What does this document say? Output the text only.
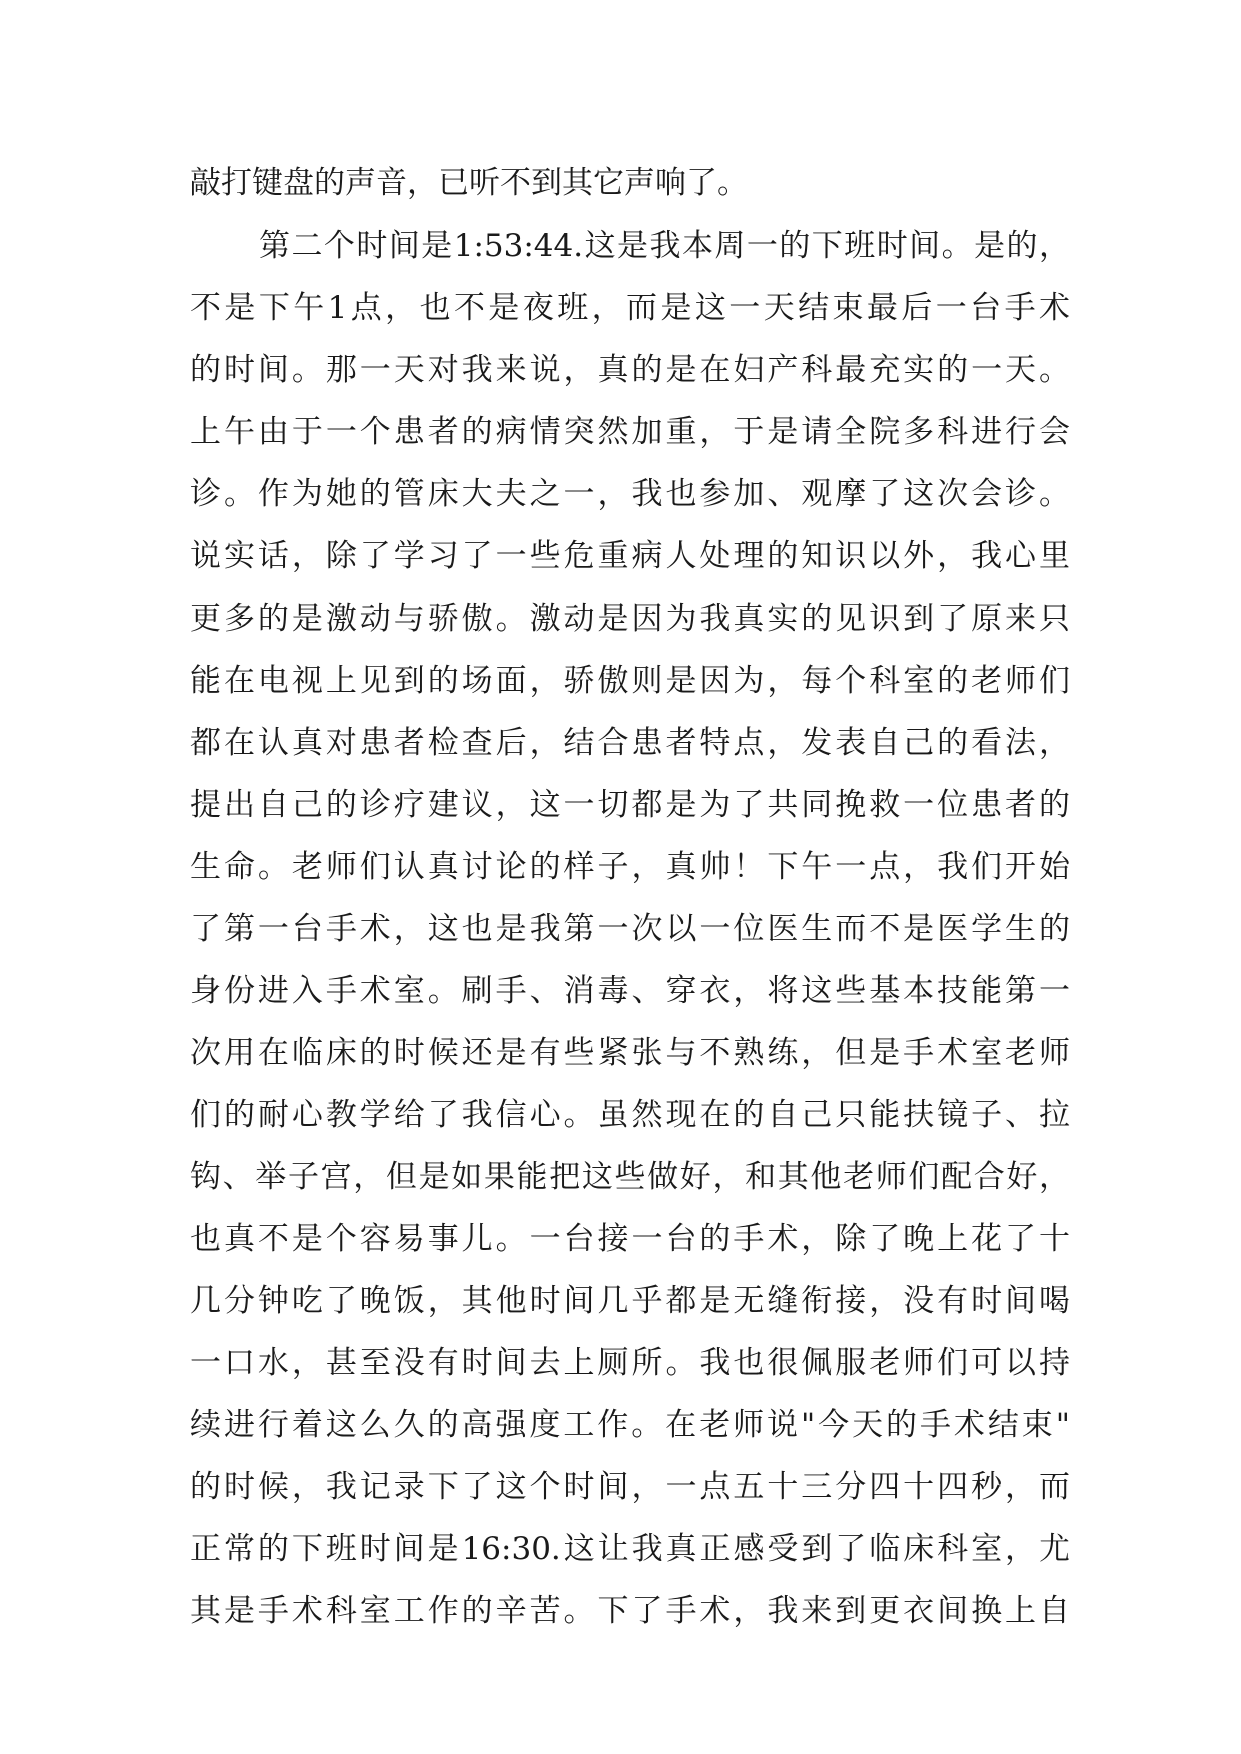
敲打键盘的声音，已听不到其它声响了。
第二个时间是1:53:44.这是我本周一的下班时间。是的，
不是下午1点，也不是夜班，而是这一天结束最后一台手术
的时间。那一天对我来说，真的是在妇产科最充实的一天。
上午由于一个患者的病情突然加重，于是请全院多科进行会
诊。作为她的管床大夫之一，我也参加、观摩了这次会诊。
说实话，除了学习了一些危重病人处理的知识以外，我心里
更多的是激动与骄傲。激动是因为我真实的见识到了原来只
能在电视上见到的场面，骄傲则是因为，每个科室的老师们
都在认真对患者检查后，结合患者特点，发表自己的看法，
提出自己的诊疗建议，这一切都是为了共同挽救一位患者的
生命。老师们认真讨论的样子，真帅！下午一点，我们开始
了第一台手术，这也是我第一次以一位医生而不是医学生的
身份进入手术室。刷手、消毒、穿衣，将这些基本技能第一
次用在临床的时候还是有些紧张与不熟练，但是手术室老师
们的耐心教学给了我信心。虽然现在的自己只能扶镜子、拉
钩、举子宫，但是如果能把这些做好，和其他老师们配合好，
也真不是个容易事儿。一台接一台的手术，除了晚上花了十
几分钟吃了晚饭，其他时间几乎都是无缝衔接，没有时间喝
一口水，甚至没有时间去上厕所。我也很佩服老师们可以持
续进行着这么久的高强度工作。在老师说"今天的手术结束"
的时候，我记录下了这个时间，一点五十三分四十四秒，而
正常的下班时间是16:30.这让我真正感受到了临床科室，尤
其是手术科室工作的辛苦。下了手术，我来到更衣间换上自
